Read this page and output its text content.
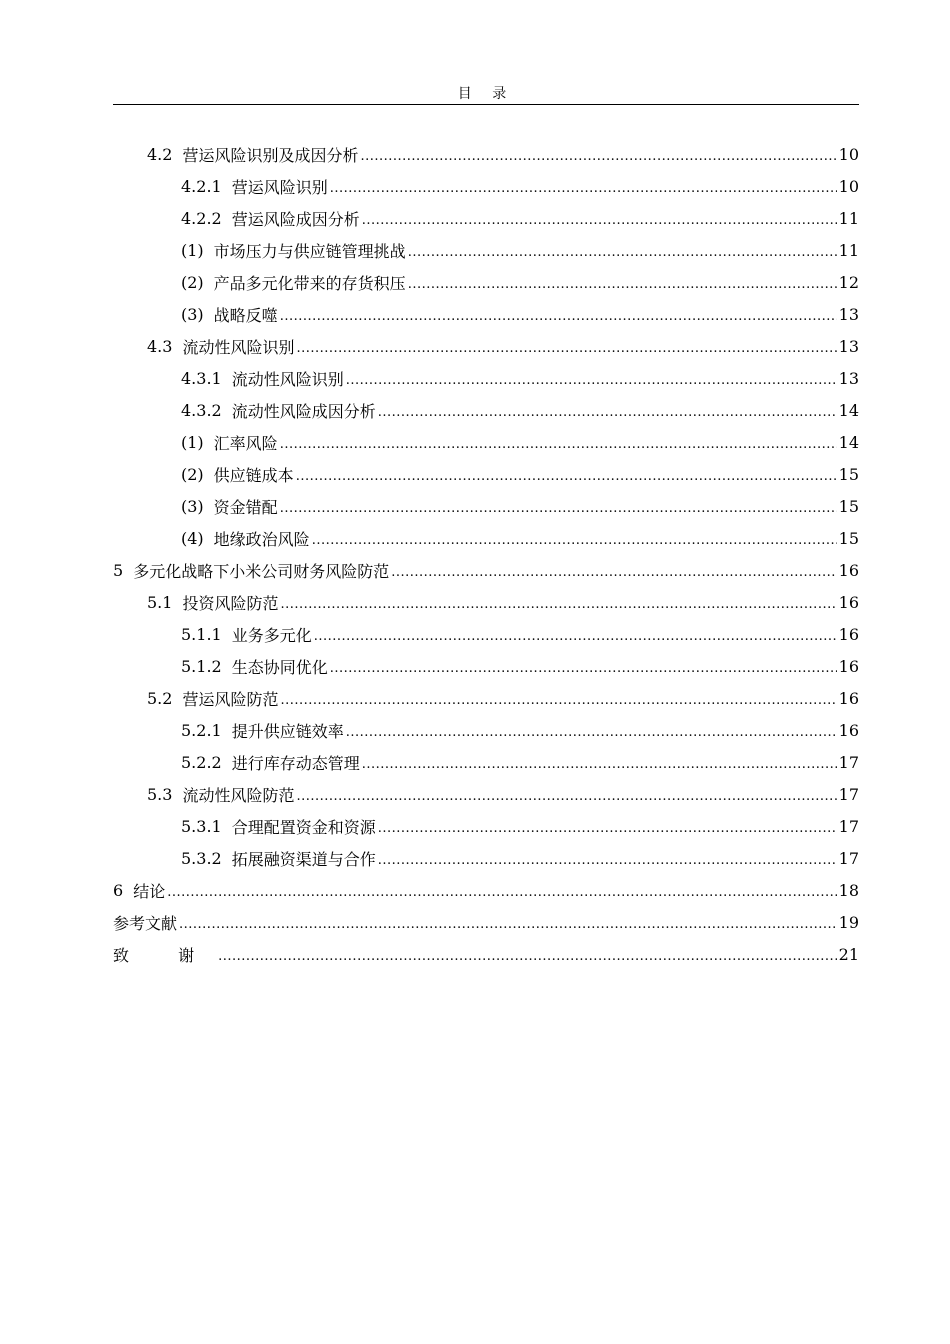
目 录
4.2 营运风险识别及成因分析 .....	10
4.2.1 营运风险识别 .....	10
4.2.2 营运风险成因分析 .....	11
(1) 市场压力与供应链管理挑战 .....	11
(2) 产品多元化带来的存货积压 .....	12
(3) 战略反噬 .....	13
4.3 流动性风险识别 .....	13
4.3.1 流动性风险识别 .....	13
4.3.2 流动性风险成因分析 .....	14
(1) 汇率风险 .....	14
(2) 供应链成本 .....	15
(3) 资金错配 .....	15
(4) 地缘政治风险 .....	15
5 多元化战略下小米公司财务风险防范 .....	16
5.1 投资风险防范 .....	16
5.1.1 业务多元化 .....	16
5.1.2 生态协同优化 .....	16
5.2 营运风险防范 .....	16
5.2.1 提升供应链效率 .....	16
5.2.2 进行库存动态管理 .....	17
5.3 流动性风险防范 .....	17
5.3.1 合理配置资金和资源 .....	17
5.3.2 拓展融资渠道与合作 .....	17
6 结论 .....	18
参考文献 .....	19
致 谢 .....	21
